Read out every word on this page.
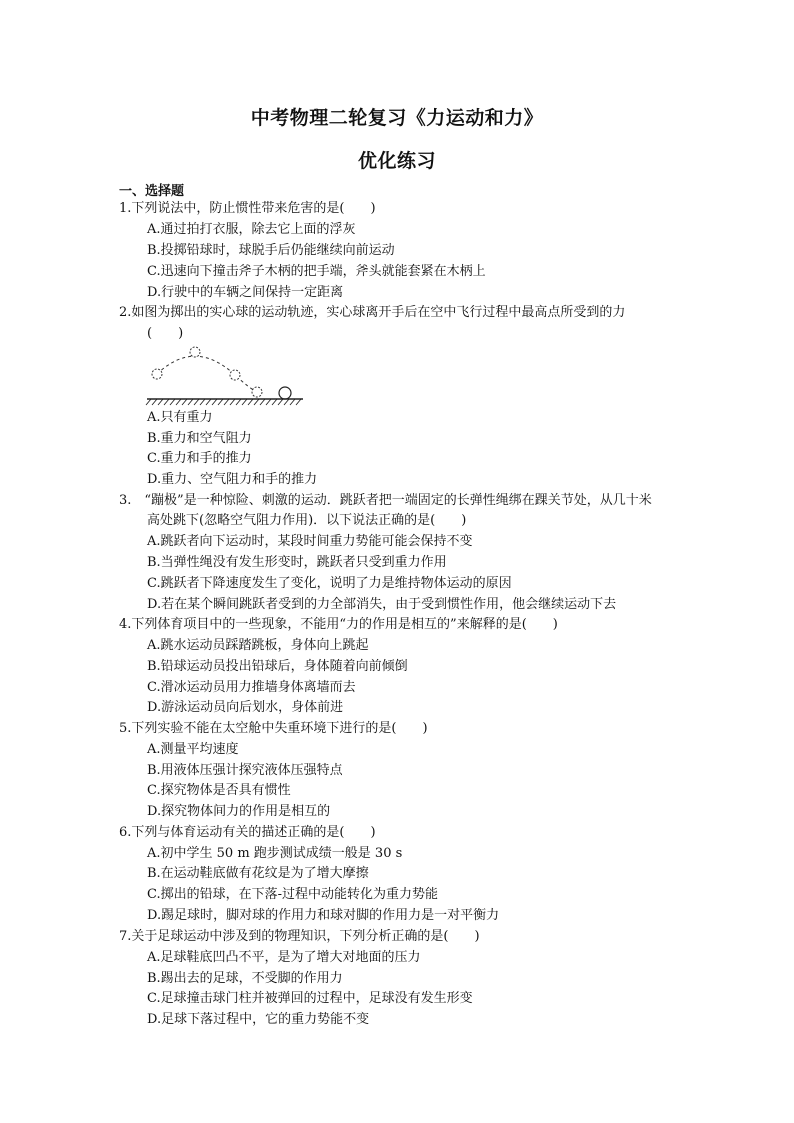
中考物理二轮复习《力运动和力》
优化练习
一、选择题
1.下列说法中，防止惯性带来危害的是(　　)
A.通过拍打衣服，除去它上面的浮灰
B.投掷铅球时，球脱手后仍能继续向前运动
C.迅速向下撞击斧子木柄的把手端，斧头就能套紧在木柄上
D.行驶中的车辆之间保持一定距离
2.如图为掷出的实心球的运动轨迹，实心球离开手后在空中飞行过程中最高点所受到的力
(　　)
A.只有重力
B.重力和空气阻力
C.重力和手的推力
D.重力、空气阻力和手的推力
3.　“蹦极”是一种惊险、刺激的运动．跳跃者把一端固定的长弹性绳绑在踝关节处，从几十米
高处跳下(忽略空气阻力作用)．以下说法正确的是(　　)
A.跳跃者向下运动时，某段时间重力势能可能会保持不变
B.当弹性绳没有发生形变时，跳跃者只受到重力作用
C.跳跃者下降速度发生了变化，说明了力是维持物体运动的原因
D.若在某个瞬间跳跃者受到的力全部消失，由于受到惯性作用，他会继续运动下去
4.下列体育项目中的一些现象，不能用“力的作用是相互的”来解释的是(　　)
A.跳水运动员踩踏跳板，身体向上跳起
B.铅球运动员投出铅球后，身体随着向前倾倒
C.滑冰运动员用力推墙身体离墙而去
D.游泳运动员向后划水，身体前进
5.下列实验不能在太空舱中失重环境下进行的是(　　)
A.测量平均速度
B.用液体压强计探究液体压强特点
C.探究物体是否具有惯性
D.探究物体间力的作用是相互的
6.下列与体育运动有关的描述正确的是(　　)
A.初中学生 50 m 跑步测试成绩一般是 30 s
B.在运动鞋底做有花纹是为了增大摩擦
C.掷出的铅球，在下落-过程中动能转化为重力势能
D.踢足球时，脚对球的作用力和球对脚的作用力是一对平衡力
7.关于足球运动中涉及到的物理知识，下列分析正确的是(　　)
A.足球鞋底凹凸不平，是为了增大对地面的压力
B.踢出去的足球，不受脚的作用力
C.足球撞击球门柱并被弹回的过程中，足球没有发生形变
D.足球下落过程中，它的重力势能不变
